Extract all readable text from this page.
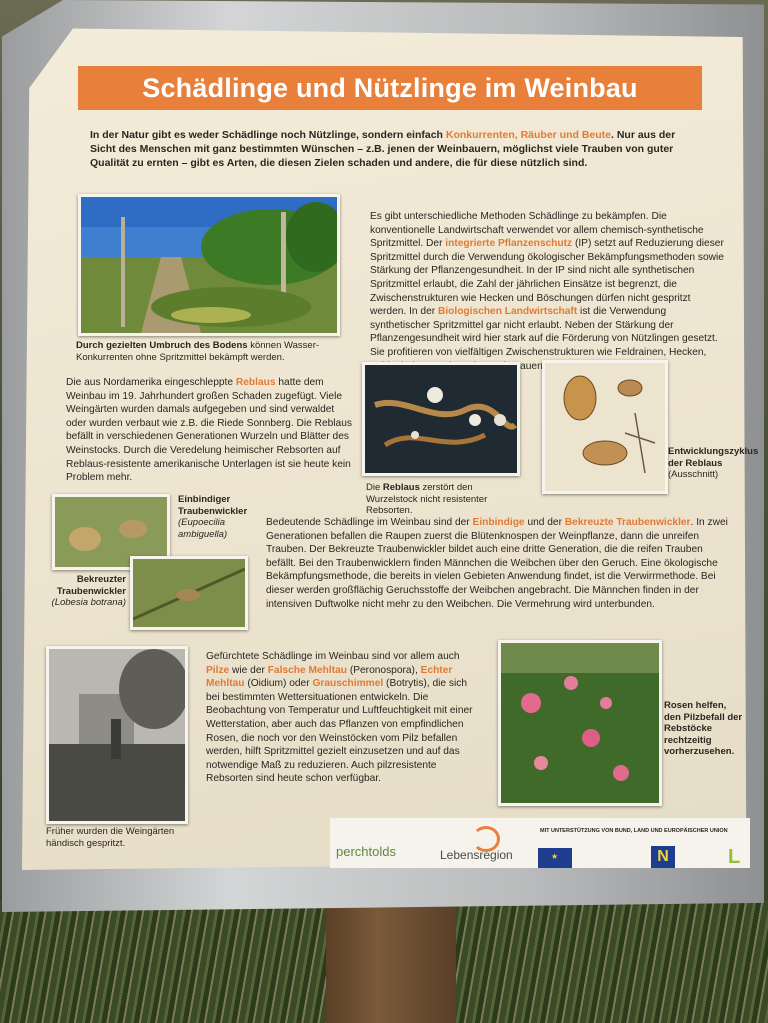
Schädlinge und Nützlinge im Weinbau

In der Natur gibt es weder Schädlinge noch Nützlinge, sondern einfach Konkurrenten, Räuber und Beute. Nur aus der Sicht des Menschen mit ganz bestimmten Wünschen – z.B. jenen der Weinbauern, möglichst viele Trauben von guter Qualität zu ernten – gibt es Arten, die diesen Zielen schaden und andere, die für diese nützlich sind.

Durch gezielten Umbruch des Bodens können Wasser-Konkurrenten ohne Spritzmittel bekämpft werden.

Es gibt unterschiedliche Methoden Schädlinge zu bekämpfen. Die konventionelle Landwirtschaft verwendet vor allem chemisch-synthetische Spritzmittel. Der integrierte Pflanzenschutz (IP) setzt auf Reduzierung dieser Spritzmittel durch die Verwendung ökologischer Bekämpfungsmethoden sowie Stärkung der Pflanzengesundheit. In der IP sind nicht alle synthetischen Spritzmittel erlaubt, die Zahl der jährlichen Einsätze ist begrenzt, die Zwischenstrukturen wie Hecken und Böschungen dürfen nicht gespritzt werden. In der Biologischen Landwirtschaft ist die Verwendung synthetischer Spritzmittel gar nicht erlaubt. Neben der Stärkung der Pflanzengesundheit wird hier stark auf die Förderung von Nützlingen gesetzt. Sie profitieren von vielfältigen Zwischenstrukturen wie Feldrainen, Hecken,

Die aus Nordamerika eingeschleppte Reblaus hatte dem Weinbau im 19. Jahrhundert großen Schaden zugefügt. Viele Weingärten wurden damals aufgegeben und sind verwaldet oder wurden verbaut wie z.B. die Riede Sonnberg. Die Reblaus befällt in verschiedenen Generationen Wurzeln und Blätter des Weinstocks. Durch die Veredelung heimischer Rebsorten auf Reblaus-resistente amerikanische Unterlagen ist sie heute kein Problem mehr.

Die Reblaus zerstört den Wurzelstock nicht resistenter Rebsorten.

Entwicklungszyklus der Reblaus
(Ausschnitt)

Einbindiger Traubenwickler
(Eupoecilia ambiguella)

Bekreuzter Traubenwickler
(Lobesia botrana)

Bedeutende Schädlinge im Weinbau sind der Einbindige und der Bekreuzte Traubenwickler. In zwei Generationen befallen die Raupen zuerst die Blütenknospen der Weinpflanze, dann die unreifen Trauben. Der Bekreuzte Traubenwickler bildet auch eine dritte Generation, die die reifen Trauben befällt. Bei den Traubenwicklern finden Männchen die Weibchen über den Geruch. Eine ökologische Bekämpfungsmethode, die bereits in vielen Gebieten Anwendung findet, ist die Verwirrmethode. Bei dieser werden großflächig Geruchsstoffe der Weibchen angebracht. Die Männchen finden in der intensiven Duftwolke nicht mehr zu den Weibchen. Die Vermehrung wird unterbunden.

Früher wurden die Weingärten händisch gespritzt.

Gefürchtete Schädlinge im Weinbau sind vor allem auch Pilze wie der Falsche Mehltau (Peronospora), Echter Mehltau (Oidium) oder Grauschimmel (Botrytis), die sich bei bestimmten Wettersituationen entwickeln. Die Beobachtung von Temperatur und Luftfeuchtigkeit mit einer Wetterstation, aber auch das Pflanzen von empfindlichen Rosen, die noch vor den Weinstöcken vom Pilz befallen werden, hilft Spritzmittel gezielt einzusetzen und auf das notwendige Maß zu reduzieren. Auch pilzresistente Rebsorten sind heute schon verfügbar.

Rosen helfen, den Pilzbefall der Rebstöcke rechtzeitig vorherzusehen.

MIT UNTERSTÜTZUNG VON BUND, LAND UND EUROPÄISCHER UNION

perchtolds	Lebensregion	★	N	L
